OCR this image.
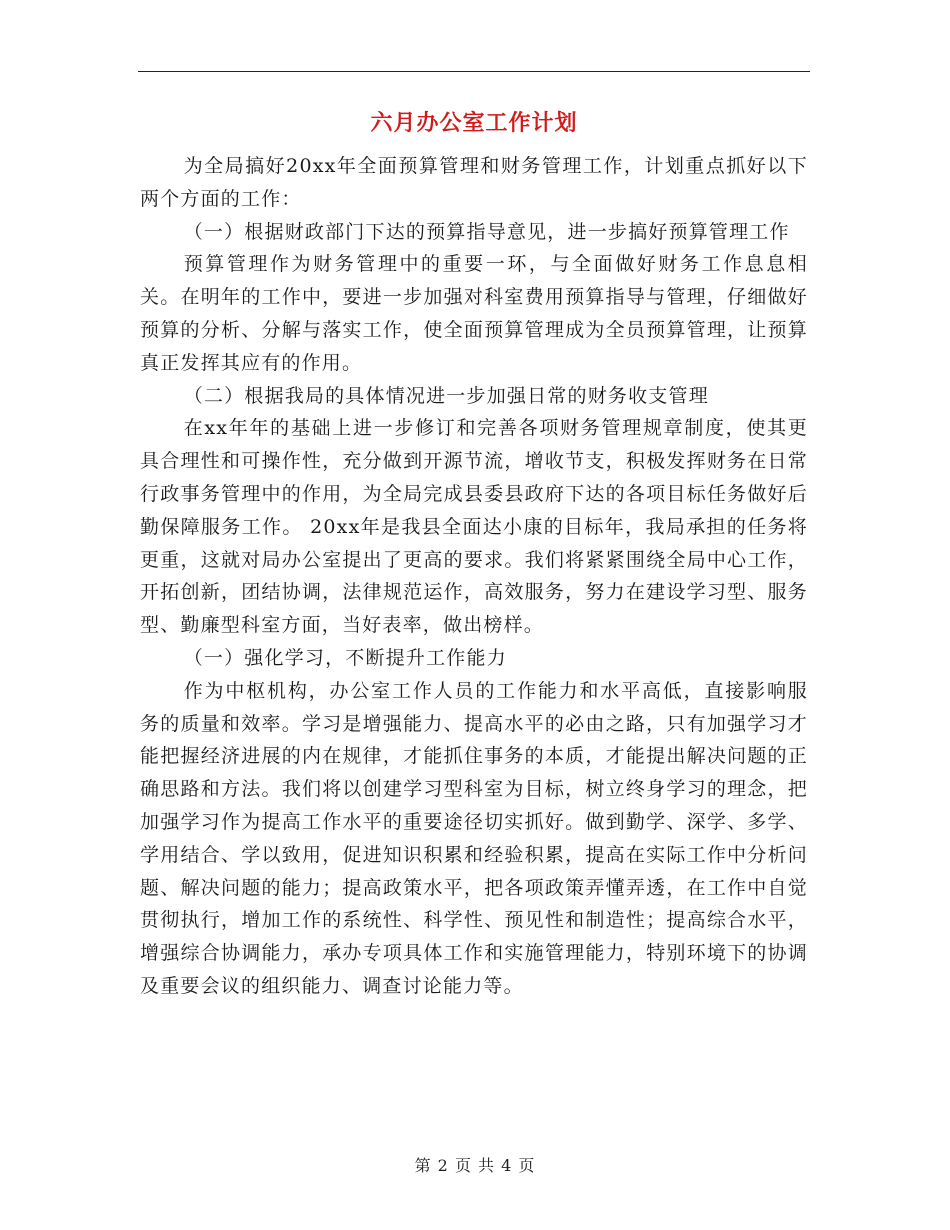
六月办公室工作计划

为全局搞好20xx年全面预算管理和财务管理工作，计划重点抓好以下两个方面的工作：

（一）根据财政部门下达的预算指导意见，进一步搞好预算管理工作

预算管理作为财务管理中的重要一环，与全面做好财务工作息息相关。在明年的工作中，要进一步加强对科室费用预算指导与管理，仔细做好预算的分析、分解与落实工作，使全面预算管理成为全员预算管理，让预算真正发挥其应有的作用。

（二）根据我局的具体情况进一步加强日常的财务收支管理

在xx年年的基础上进一步修订和完善各项财务管理规章制度，使其更具合理性和可操作性，充分做到开源节流，增收节支，积极发挥财务在日常行政事务管理中的作用，为全局完成县委县政府下达的各项目标任务做好后勤保障服务工作。 20xx年是我县全面达小康的目标年，我局承担的任务将更重，这就对局办公室提出了更高的要求。我们将紧紧围绕全局中心工作，开拓创新，团结协调，法律规范运作，高效服务，努力在建设学习型、服务型、勤廉型科室方面，当好表率，做出榜样。

（一）强化学习，不断提升工作能力

作为中枢机构，办公室工作人员的工作能力和水平高低，直接影响服务的质量和效率。学习是增强能力、提高水平的必由之路，只有加强学习才能把握经济进展的内在规律，才能抓住事务的本质，才能提出解决问题的正确思路和方法。我们将以创建学习型科室为目标，树立终身学习的理念，把加强学习作为提高工作水平的重要途径切实抓好。做到勤学、深学、多学、学用结合、学以致用，促进知识积累和经验积累，提高在实际工作中分析问题、解决问题的能力；提高政策水平，把各项政策弄懂弄透，在工作中自觉贯彻执行，增加工作的系统性、科学性、预见性和制造性；提高综合水平，增强综合协调能力，承办专项具体工作和实施管理能力，特别环境下的协调及重要会议的组织能力、调查讨论能力等。

第 2 页 共 4 页
